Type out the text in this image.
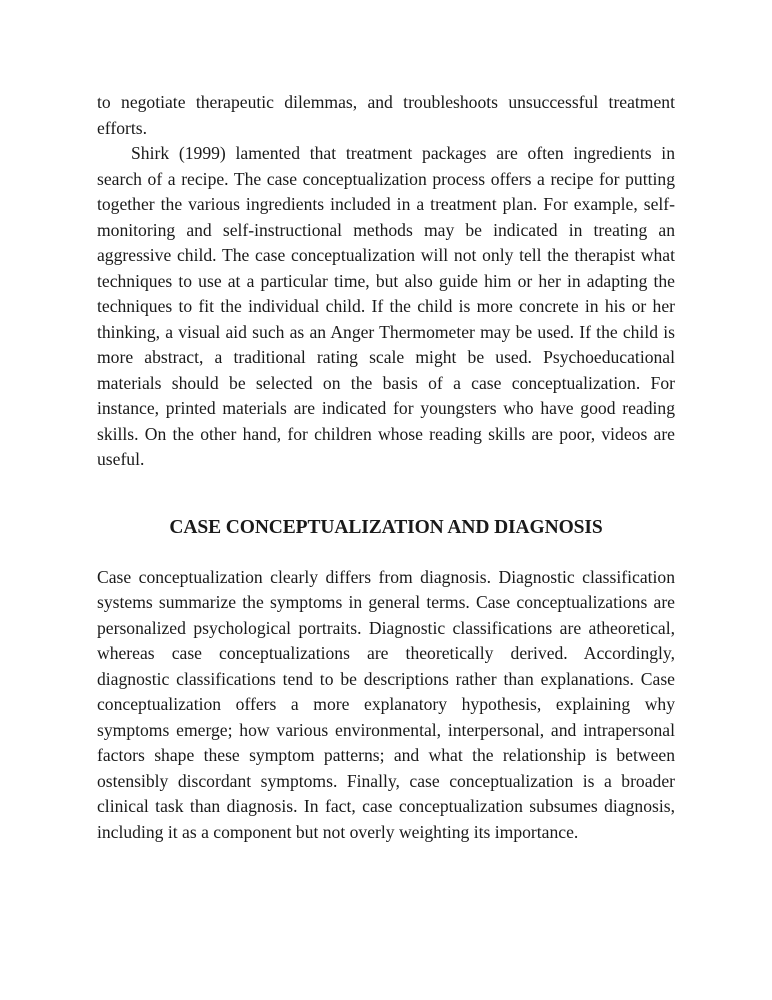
to negotiate therapeutic dilemmas, and troubleshoots unsuccessful treatment efforts.

Shirk (1999) lamented that treatment packages are often ingredients in search of a recipe. The case conceptualization process offers a recipe for putting together the various ingredients included in a treatment plan. For example, self-monitoring and self-instructional methods may be indicated in treating an aggressive child. The case conceptualization will not only tell the therapist what techniques to use at a particular time, but also guide him or her in adapting the techniques to fit the individual child. If the child is more concrete in his or her thinking, a visual aid such as an Anger Thermometer may be used. If the child is more abstract, a traditional rating scale might be used. Psychoeducational materials should be selected on the basis of a case conceptualization. For instance, printed materials are indicated for youngsters who have good reading skills. On the other hand, for children whose reading skills are poor, videos are useful.

CASE CONCEPTUALIZATION AND DIAGNOSIS

Case conceptualization clearly differs from diagnosis. Diagnostic classification systems summarize the symptoms in general terms. Case conceptualizations are personalized psychological portraits. Diagnostic classifications are atheoretical, whereas case conceptualizations are theoretically derived. Accordingly, diagnostic classifications tend to be descriptions rather than explanations. Case conceptualization offers a more explanatory hypothesis, explaining why symptoms emerge; how various environmental, interpersonal, and intrapersonal factors shape these symptom patterns; and what the relationship is between ostensibly discordant symptoms. Finally, case conceptualization is a broader clinical task than diagnosis. In fact, case conceptualization subsumes diagnosis, including it as a component but not overly weighting its importance.
